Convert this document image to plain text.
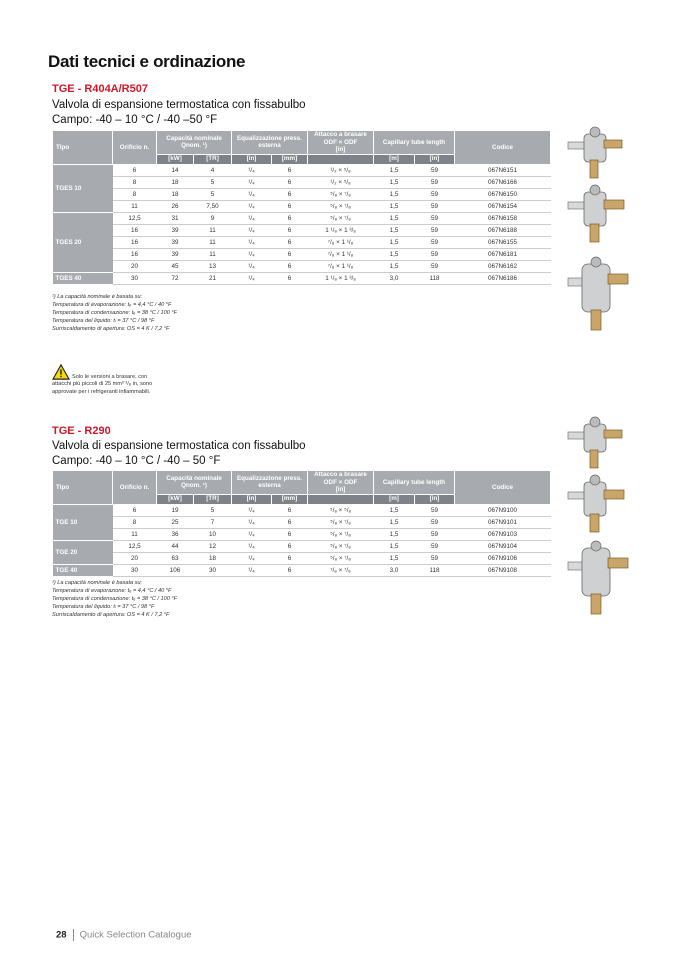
Dati tecnici e ordinazione
TGE - R404A/R507
Valvola di espansione termostatica con fissabulbo
Campo: -40 – 10 °C / -40 –50 °F
Tipo	Orificio n.	Capacità nominale
Qnom. ¹)		Equalizzazione press. esterna		Attacco a brasare ODF × ODF
[in]	Capillary tube length		Codice
		[kW]	[TR]	[in]	[mm]		[m]	[in]	
TGES 10	6	14	4	¹/₄	6	¹/₂ × ⁵/₈	1,5	59	067N6151
	8	18	5	¹/₄	6	¹/₂ × ⁵/₈	1,5	59	067N6166
	8	18	5	¹/₄	6	⁵/₈ × ⁷/₈	1,5	59	067N6150
	11	26	7,50	¹/₄	6	⁵/₈ × ⁷/₈	1,5	59	067N6154
TGES 20	12,5	31	9	¹/₄	6	⁵/₈ × ⁷/₈	1,5	59	067N6158
	16	39	11	¹/₄	6	1 ¹/₈ × 1 ³/₈	1,5	59	067N6188
	16	39	11	¹/₄	6	⁷/₈ × 1 ¹/₈	1,5	59	067N6155
	16	39	11	¹/₄	6	⁷/₈ × 1 ¹/₈	1,5	59	067N6181
	20	45	13	¹/₄	6	⁷/₈ × 1 ¹/₈	1,5	59	067N6162
TGES 40	30	72	21	¹/₄	6	1 ¹/₈ × 1 ³/₈	3,0	118	067N6186
¹) La capacità nominale è basata su:
Temperatura di evaporazione: tₑ = 4,4 °C / 40 °F
Temperatura di condensazione: tₑ = 38 °C / 100 °F
Temperatura del liquido: tₗ = 37 °C / 98 °F
Surriscaldamento di apertura: OS = 4 K / 7,2 °F
Solo le versioni a brasare, con
attacchi più piccoli di 25 mm² ³/₈ in, sono
approvate per i refrigeranti infiammabili.
TGE - R290
Valvola di espansione termostatica con fissabulbo
Campo: -40 – 10 °C / -40 – 50 °F
Tipo	Orificio n.	Capacità nominale
Qnom. ¹)		Equalizzazione press. esterna		Attacco a brasare ODF × ODF
[in]	Capillary tube length		Codice
		[kW]	[TR]	[in]	[mm]		[m]	[in]	
TGE 10	6	19	5	¹/₄	6	⁵/₈ × ⁵/₈	1,5	59	067N9100
	8	25	7	¹/₄	6	⁵/₈ × ⁷/₈	1,5	59	067N9101
	11	36	10	¹/₄	6	⁵/₈ × ⁷/₈	1,5	59	067N9103
TGE 20	12,5	44	12	¹/₄	6	⁵/₈ × ⁷/₈	1,5	59	067N9104
	20	63	18	¹/₄	6	⁵/₈ × ⁷/₈	1,5	59	067N9106
TGE 40	30	106	30	¹/₄	6	⁷/₈ × ⁷/₈	3,0	118	067N9108
¹) La capacità nominale è basata su:
Temperatura di evaporazione: tₑ = 4,4 °C / 40 °F
Temperatura di condensazione: tₑ = 38 °C / 100 °F
Temperatura del liquido: tₗ = 37 °C / 98 °F
Surriscaldamento di apertura: OS = 4 K / 7,2 °F
28 Quick Selection Catalogue
